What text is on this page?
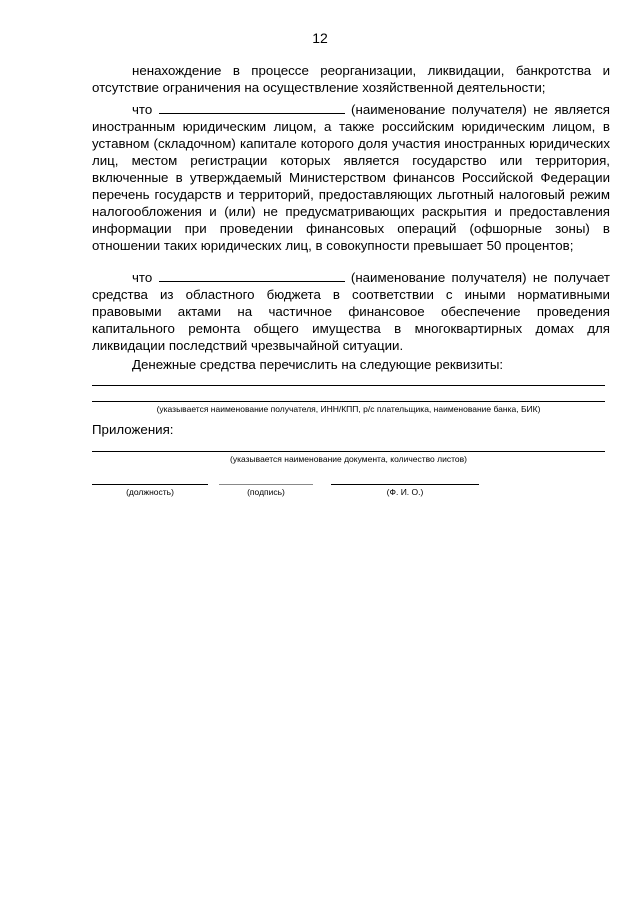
12

ненахождение в процессе реорганизации, ликвидации, банкротства и отсутствие ограничения на осуществление хозяйственной деятельности;

что	(наименование получателя) не является иностранным юридическим лицом, а также российским юридическим лицом, в уставном (складочном) капитале которого доля участия иностранных юридических лиц, местом регистрации которых является государство или территория, включенные в утверждаемый Министерством финансов Российской Федерации перечень государств и территорий, предоставляющих льготный налоговый режим налогообложения и (или) не предусматривающих раскрытия и предоставления информации при проведении финансовых операций (офшорные зоны) в отношении таких юридических лиц, в совокупности превышает 50 процентов;

что	(наименование получателя) не получает средства из областного бюджета в соответствии с иными нормативными правовыми актами на частичное финансовое обеспечение проведения капитального ремонта общего имущества в многоквартирных домах для ликвидации последствий чрезвычайной ситуации.

Денежные средства перечислить на следующие реквизиты:

(указывается наименование получателя, ИНН/КПП, р/с плательщика, наименование банка, БИК)
Приложения:
(указывается наименование документа, количество листов)
(должность)	(подпись)	(Ф. И. О.)
